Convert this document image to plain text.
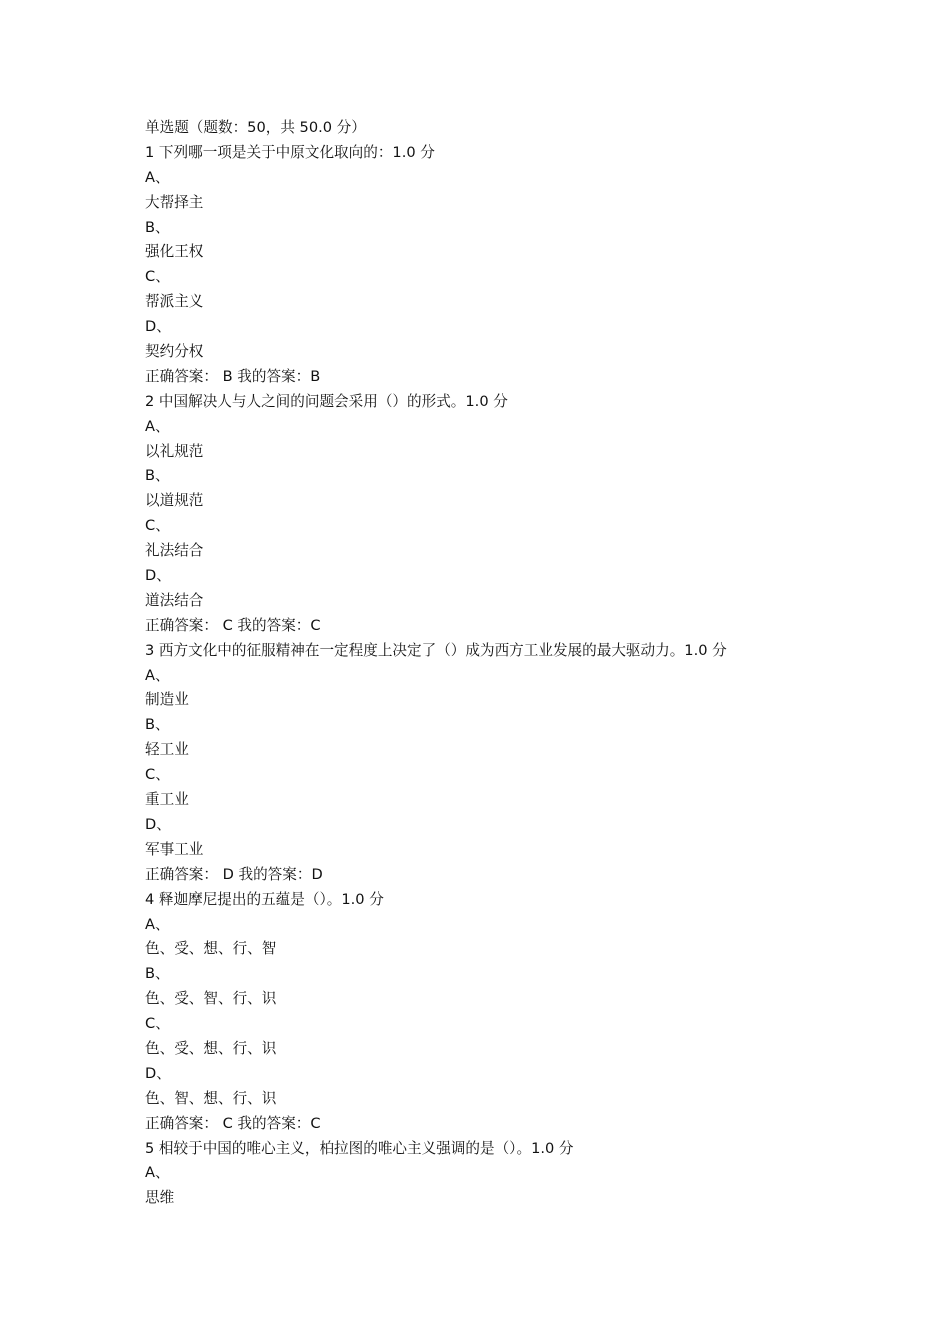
单选题（题数：50，共 50.0 分）
1 下列哪一项是关于中原文化取向的：1.0 分
A、
大帮择主
B、
强化王权
C、
帮派主义
D、
契约分权
正确答案： B 我的答案：B
2 中国解决人与人之间的问题会采用（）的形式。1.0 分
A、
以礼规范
B、
以道规范
C、
礼法结合
D、
道法结合
正确答案： C 我的答案：C
3 西方文化中的征服精神在一定程度上决定了（）成为西方工业发展的最大驱动力。1.0 分
A、
制造业
B、
轻工业
C、
重工业
D、
军事工业
正确答案： D 我的答案：D
4 释迦摩尼提出的五蕴是（）。1.0 分
A、
色、受、想、行、智
B、
色、受、智、行、识
C、
色、受、想、行、识
D、
色、智、想、行、识
正确答案： C 我的答案：C
5 相较于中国的唯心主义，柏拉图的唯心主义强调的是（）。1.0 分
A、
思维
